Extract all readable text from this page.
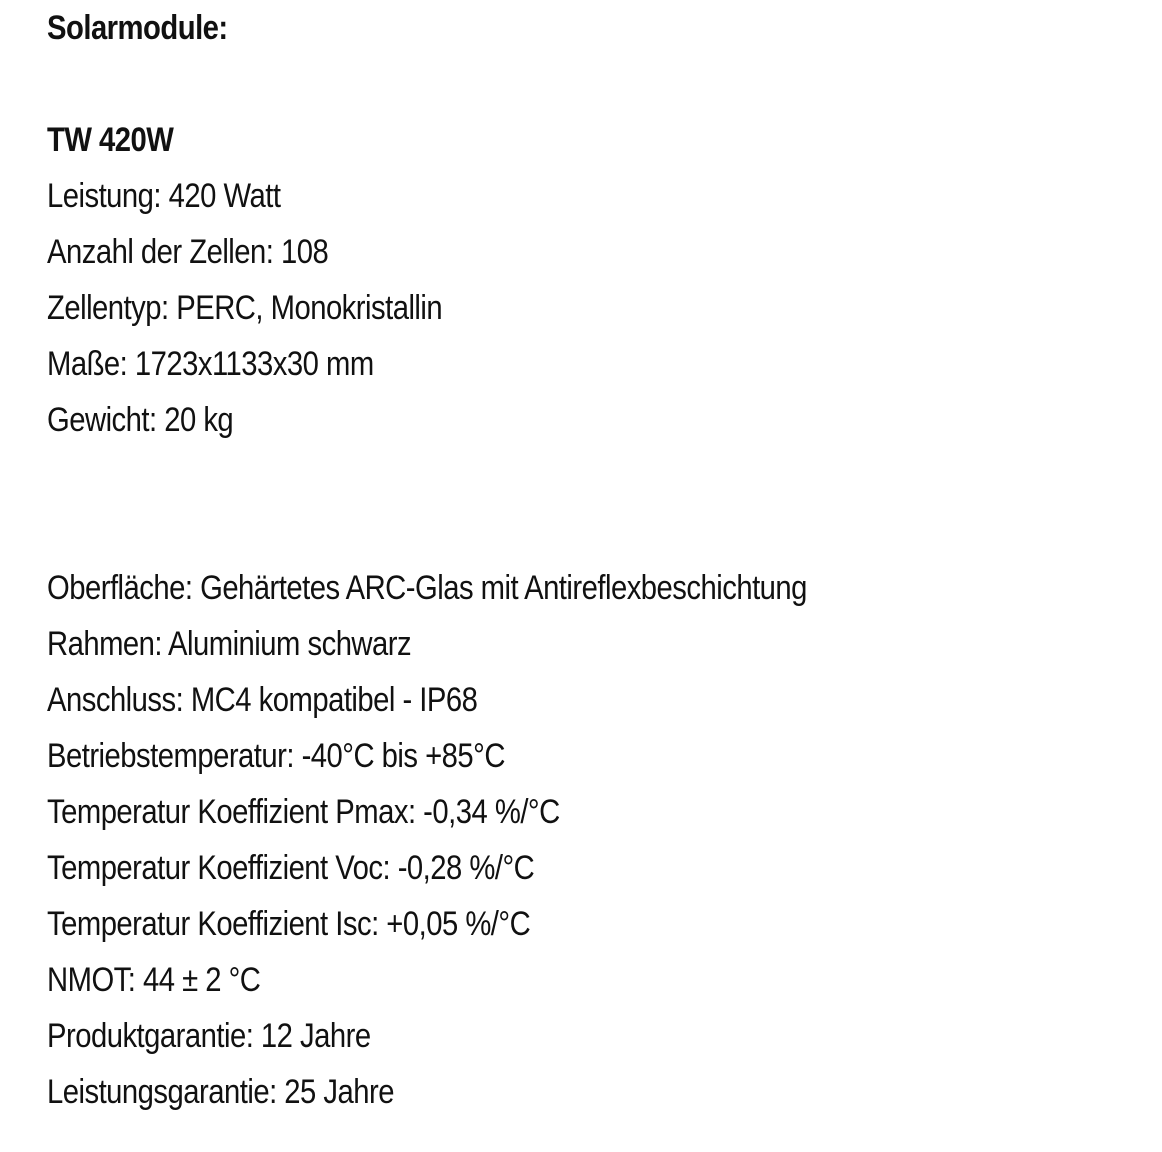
Solarmodule:
TW 420W
Leistung: 420 Watt
Anzahl der Zellen: 108
Zellentyp: PERC, Monokristallin
Maße: 1723x1133x30 mm
Gewicht: 20 kg
Oberfläche: Gehärtetes ARC-Glas mit Antireflexbeschichtung
Rahmen: Aluminium schwarz
Anschluss: MC4 kompatibel - IP68
Betriebstemperatur: -40°C bis +85°C
Temperatur Koeffizient Pmax: -0,34 %/°C
Temperatur Koeffizient Voc: -0,28 %/°C
Temperatur Koeffizient Isc: +0,05 %/°C
NMOT: 44 ± 2 °C
Produktgarantie: 12 Jahre
Leistungsgarantie: 25 Jahre
